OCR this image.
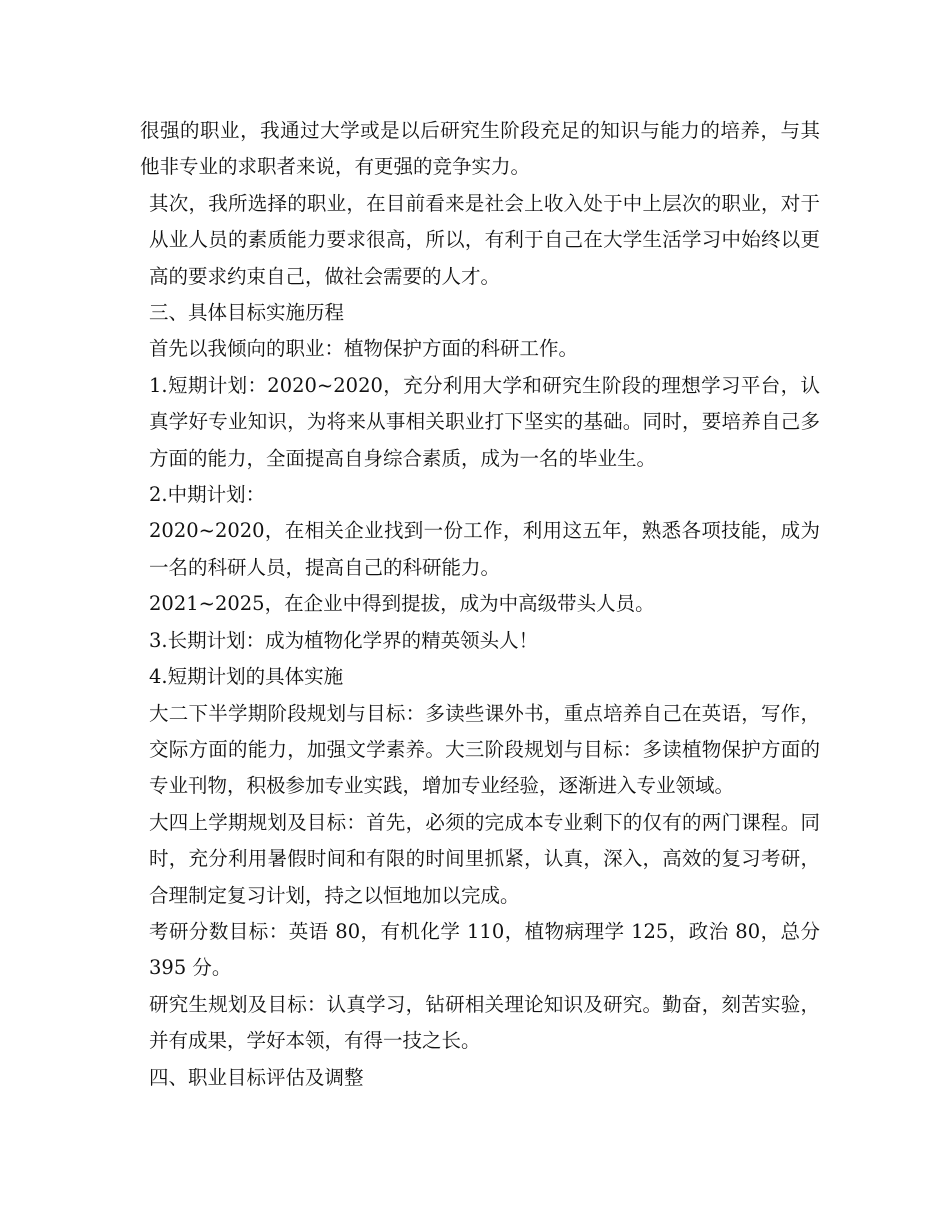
很强的职业，我通过大学或是以后研究生阶段充足的知识与能力的培养，与其他非专业的求职者来说，有更强的竞争实力。

其次，我所选择的职业，在目前看来是社会上收入处于中上层次的职业，对于从业人员的素质能力要求很高，所以，有利于自己在大学生活学习中始终以更高的要求约束自己，做社会需要的人才。

三、具体目标实施历程

首先以我倾向的职业：植物保护方面的科研工作。

1.短期计划：2020~2020，充分利用大学和研究生阶段的理想学习平台，认真学好专业知识，为将来从事相关职业打下坚实的基础。同时，要培养自己多方面的能力，全面提高自身综合素质，成为一名的毕业生。

2.中期计划：

2020~2020，在相关企业找到一份工作，利用这五年，熟悉各项技能，成为一名的科研人员，提高自己的科研能力。

2021~2025，在企业中得到提拔，成为中高级带头人员。

3.长期计划：成为植物化学界的精英领头人！

4.短期计划的具体实施

大二下半学期阶段规划与目标：多读些课外书，重点培养自己在英语，写作，交际方面的能力，加强文学素养。大三阶段规划与目标：多读植物保护方面的专业刊物，积极参加专业实践，增加专业经验，逐渐进入专业领域。

大四上学期规划及目标：首先，必须的完成本专业剩下的仅有的两门课程。同时，充分利用暑假时间和有限的时间里抓紧，认真，深入，高效的复习考研，合理制定复习计划，持之以恒地加以完成。

考研分数目标：英语 80，有机化学 110，植物病理学 125，政治 80，总分 395 分。

研究生规划及目标：认真学习，钻研相关理论知识及研究。勤奋，刻苦实验，并有成果，学好本领，有得一技之长。

四、职业目标评估及调整
